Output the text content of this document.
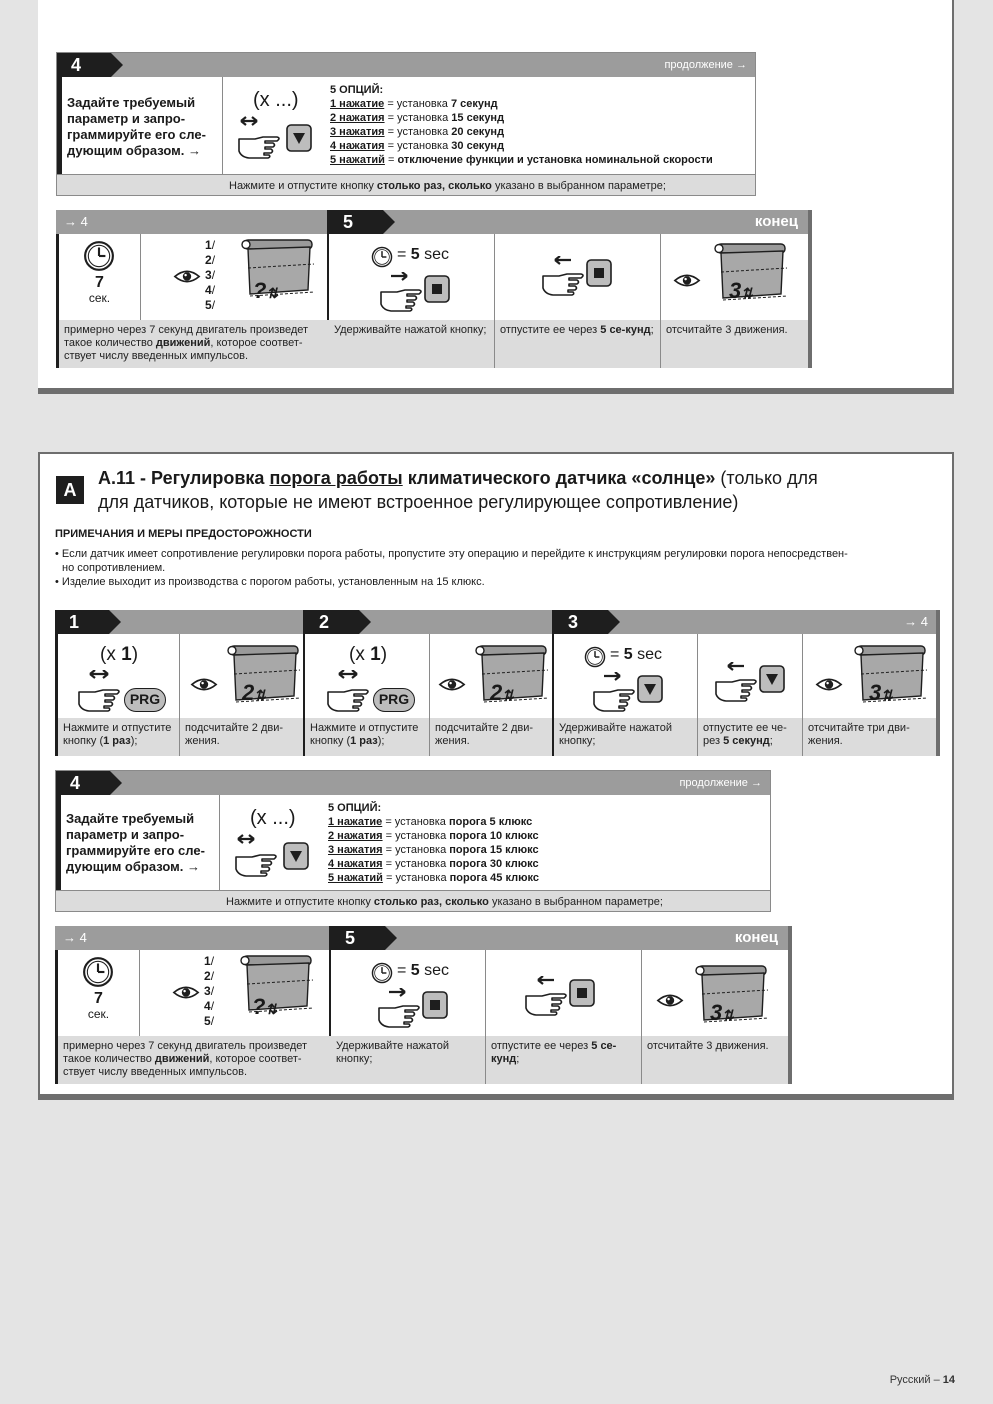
4	продолжение →
Задайте требуемый
параметр и запро-
граммируйте его сле-
дующим образом. →
(х ...)	5 ОПЦИЙ:
1 нажатие = установка 7 секунд
2 нажатия = установка 15 секунд
3 нажатия = установка 20 секунд
4 нажатия = установка 30 секунд
5 нажатий = отключение функции и установка номинальной скорости
Нажмите и отпустите кнопку столько раз, сколько указано в выбранном параметре;
→ 4	5	конец
7
сек.
1/
2/
3/
4/
5/
?⇅
примерно через 7 секунд двигатель произведет такое количество движений, которое соответ-ствует числу введенных импульсов.
= 5 sec
3⇅
Удерживайте нажатой кнопку;	отпустите ее через 5 се-кунд;	отсчитайте 3 движения.
A
A.11 - Регулировка порога работы климатического датчика «солнце» (только для
для датчиков, которые не имеют встроенное регулирующее сопротивление)
ПРИМЕЧАНИЯ И МЕРЫ ПРЕДОСТОРОЖНОСТИ
• Если датчик имеет сопротивление регулировки порога работы, пропустите эту операцию и перейдите к инструкциям регулировки порога непосредствен-
но сопротивлением.
• Изделие выходит из производства с порогом работы, установленным на 15 клюкс.
1	2	3	→ 4
(х 1)
PRG	2⇅
Нажмите и отпустите кнопку (1 раз);
подсчитайте 2 дви-жения.
(х 1)
PRG	2⇅
Нажмите и отпустите кнопку (1 раз);
подсчитайте 2 дви-жения.
= 5 sec
3⇅
Удерживайте нажатой кнопку;
отпустите ее че-рез 5 секунд;
отсчитайте три дви-жения.
4	продолжение →
Задайте требуемый
параметр и запро-
граммируйте его сле-
дующим образом. →
(х ...)	5 ОПЦИЙ:
1 нажатие = установка порога 5 клюкс
2 нажатия = установка порога 10 клюкс
3 нажатия = установка порога 15 клюкс
4 нажатия = установка порога 30 клюкс
5 нажатий = установка порога 45 клюкс
Нажмите и отпустите кнопку столько раз, сколько указано в выбранном параметре;
→ 4	5	конец
7
сек.
1/
2/
3/
4/
5/
?⇅
примерно через 7 секунд двигатель произведет такое количество движений, которое соответ-ствует числу введенных импульсов.
= 5 sec
3⇅
Удерживайте нажатой кнопку;
отпустите ее через 5 се-кунд;
отсчитайте 3 движения.
Русский – 14
